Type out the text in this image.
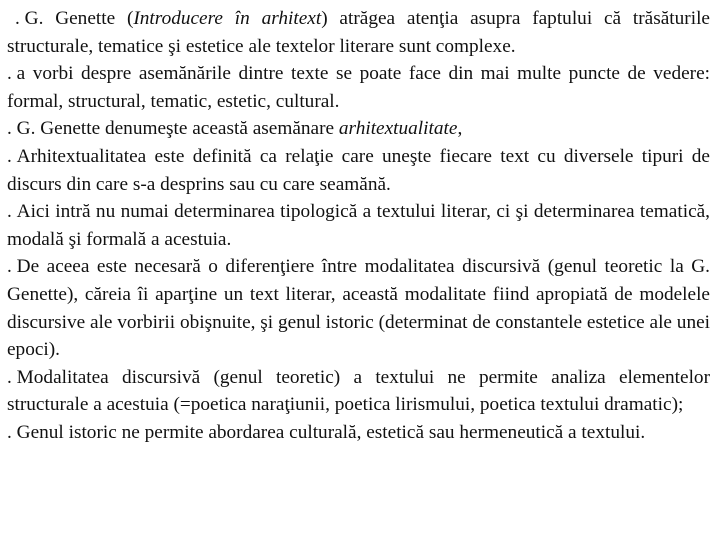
. G. Genette (Introducere în arhitext) atrăgea atenţia asupra faptului că trăsăturile structurale, tematice şi estetice ale textelor literare sunt complexe.

. a vorbi despre asemănările dintre texte se poate face din mai multe puncte de vedere: formal, structural, tematic, estetic, cultural.

. G. Genette denumeşte această asemănare arhitextualitate,

. Arhitextualitatea este definită ca relaţie care uneşte fiecare text cu diversele tipuri de discurs din care s-a desprins sau cu care seamănă.

. Aici intră nu numai determinarea tipologică a textului literar, ci şi determinarea tematică, modală şi formală a acestuia.

. De aceea este necesară o diferenţiere între modalitatea discursivă (genul teoretic la G. Genette), căreia îi aparţine un text literar, această modalitate fiind apropiată de modelele discursive ale vorbirii obişnuite, şi genul istoric (determinat de constantele estetice ale unei epoci).

. Modalitatea discursivă (genul teoretic) a textului ne permite analiza elementelor structurale a acestuia (=poetica naraţiunii, poetica lirismului, poetica textului dramatic);

. Genul istoric ne permite abordarea culturală, estetică sau hermeneutică a textului.
